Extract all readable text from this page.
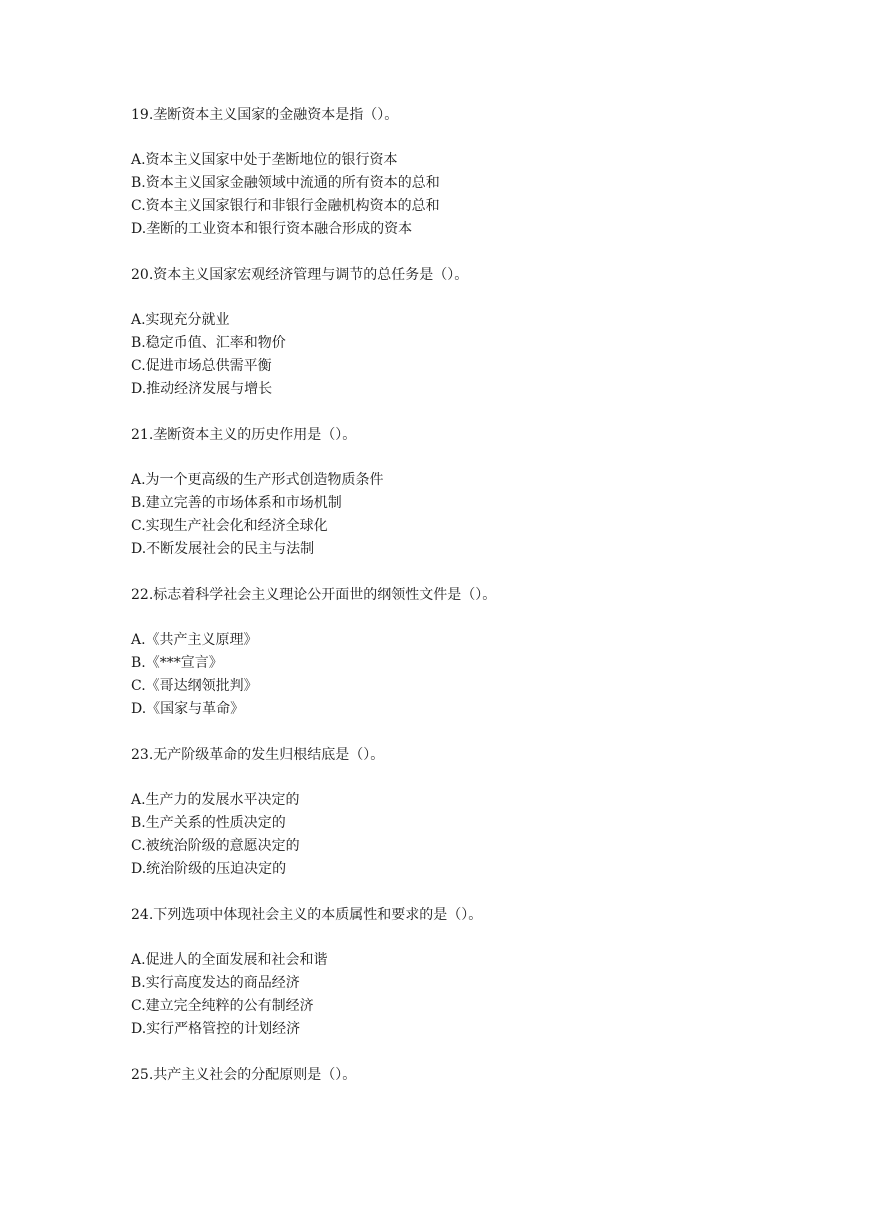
19.垄断资本主义国家的金融资本是指（）。

A.资本主义国家中处于垄断地位的银行资本

B.资本主义国家金融领域中流通的所有资本的总和

C.资本主义国家银行和非银行金融机构资本的总和

D.垄断的工业资本和银行资本融合形成的资本

20.资本主义国家宏观经济管理与调节的总任务是（）。

A.实现充分就业

B.稳定币值、汇率和物价

C.促进市场总供需平衡

D.推动经济发展与增长

21.垄断资本主义的历史作用是（）。

A.为一个更高级的生产形式创造物质条件

B.建立完善的市场体系和市场机制

C.实现生产社会化和经济全球化

D.不断发展社会的民主与法制

22.标志着科学社会主义理论公开面世的纲领性文件是（）。

A.《共产主义原理》

B.《***宣言》

C.《哥达纲领批判》

D.《国家与革命》

23.无产阶级革命的发生归根结底是（）。

A.生产力的发展水平决定的

B.生产关系的性质决定的

C.被统治阶级的意愿决定的

D.统治阶级的压迫决定的

24.下列选项中体现社会主义的本质属性和要求的是（）。

A.促进人的全面发展和社会和谐

B.实行高度发达的商品经济

C.建立完全纯粹的公有制经济

D.实行严格管控的计划经济

25.共产主义社会的分配原则是（）。
